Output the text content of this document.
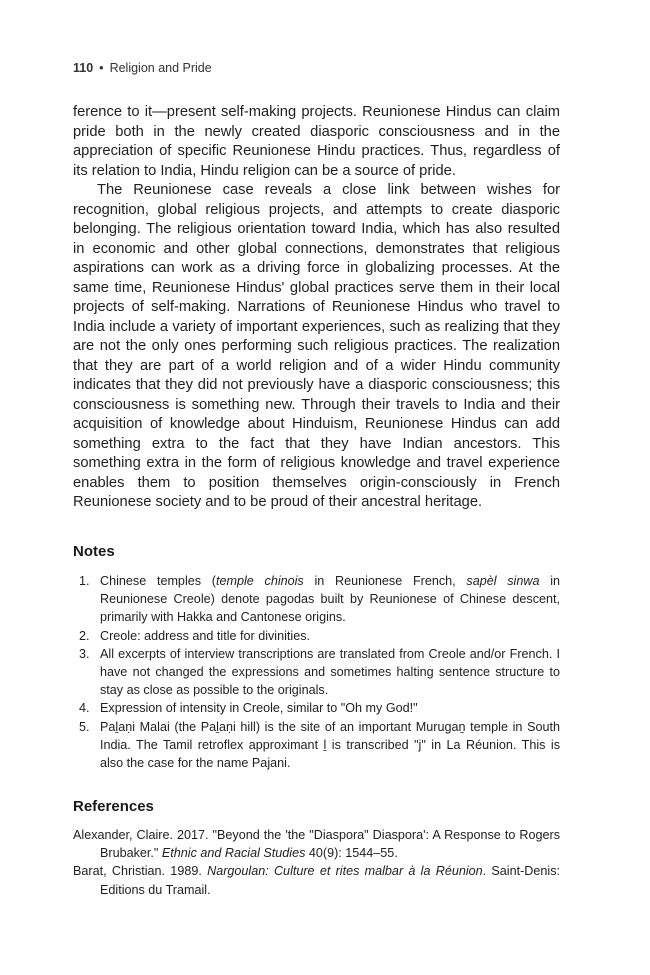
110 • Religion and Pride

ference to it—present self-making projects. Reunionese Hindus can claim pride both in the newly created diasporic consciousness and in the appreciation of specific Reunionese Hindu practices. Thus, regardless of its relation to India, Hindu religion can be a source of pride.

The Reunionese case reveals a close link between wishes for recognition, global religious projects, and attempts to create diasporic belonging. The religious orientation toward India, which has also resulted in economic and other global connections, demonstrates that religious aspirations can work as a driving force in globalizing processes. At the same time, Reunionese Hindus' global practices serve them in their local projects of self-making. Narrations of Reunionese Hindus who travel to India include a variety of important experiences, such as realizing that they are not the only ones performing such religious practices. The realization that they are part of a world religion and of a wider Hindu community indicates that they did not previously have a diasporic consciousness; this consciousness is something new. Through their travels to India and their acquisition of knowledge about Hinduism, Reunionese Hindus can add something extra to the fact that they have Indian ancestors. This something extra in the form of religious knowledge and travel experience enables them to position themselves origin-consciously in French Reunionese society and to be proud of their ancestral heritage.

Notes
1. Chinese temples (temple chinois in Reunionese French, sapèl sinwa in Reunionese Creole) denote pagodas built by Reunionese of Chinese descent, primarily with Hakka and Cantonese origins.
2. Creole: address and title for divinities.
3. All excerpts of interview transcriptions are translated from Creole and/or French. I have not changed the expressions and sometimes halting sentence structure to stay as close as possible to the originals.
4. Expression of intensity in Creole, similar to "Oh my God!"
5. Paḻaṇi Malai (the Paḻaṇi hill) is the site of an important Murugaṉ temple in South India. The Tamil retroflex approximant ḻ is transcribed "j" in La Réunion. This is also the case for the name Pajani.
References
Alexander, Claire. 2017. "Beyond the 'the "Diaspora" Diaspora': A Response to Rogers Brubaker." Ethnic and Racial Studies 40(9): 1544–55.
Barat, Christian. 1989. Nargoulan: Culture et rites malbar à la Réunion. Saint-Denis: Editions du Tramail.
